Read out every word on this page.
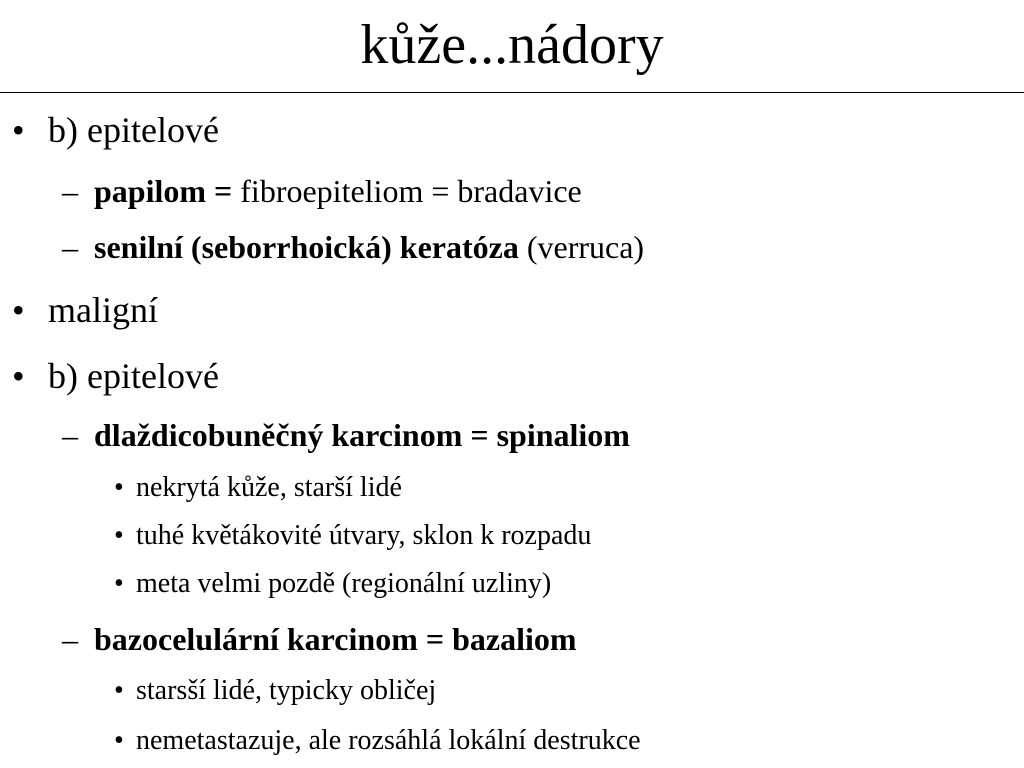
kůže...nádory
• b) epitelové
– papilom = fibroepiteliom = bradavice
– senilní (seborrhoická) keratóza (verruca)
• maligní
• b) epitelové
– dlaždicobuněčný karcinom = spinaliom
• nekrytá kůže, starší lidé
• tuhé květákovité útvary, sklon k rozpadu
• meta velmi pozdě (regionální uzliny)
– bazocelulární karcinom = bazaliom
• starsší lidé, typicky obličej
• nemetastazuje, ale rozsáhlá lokální destrukce
